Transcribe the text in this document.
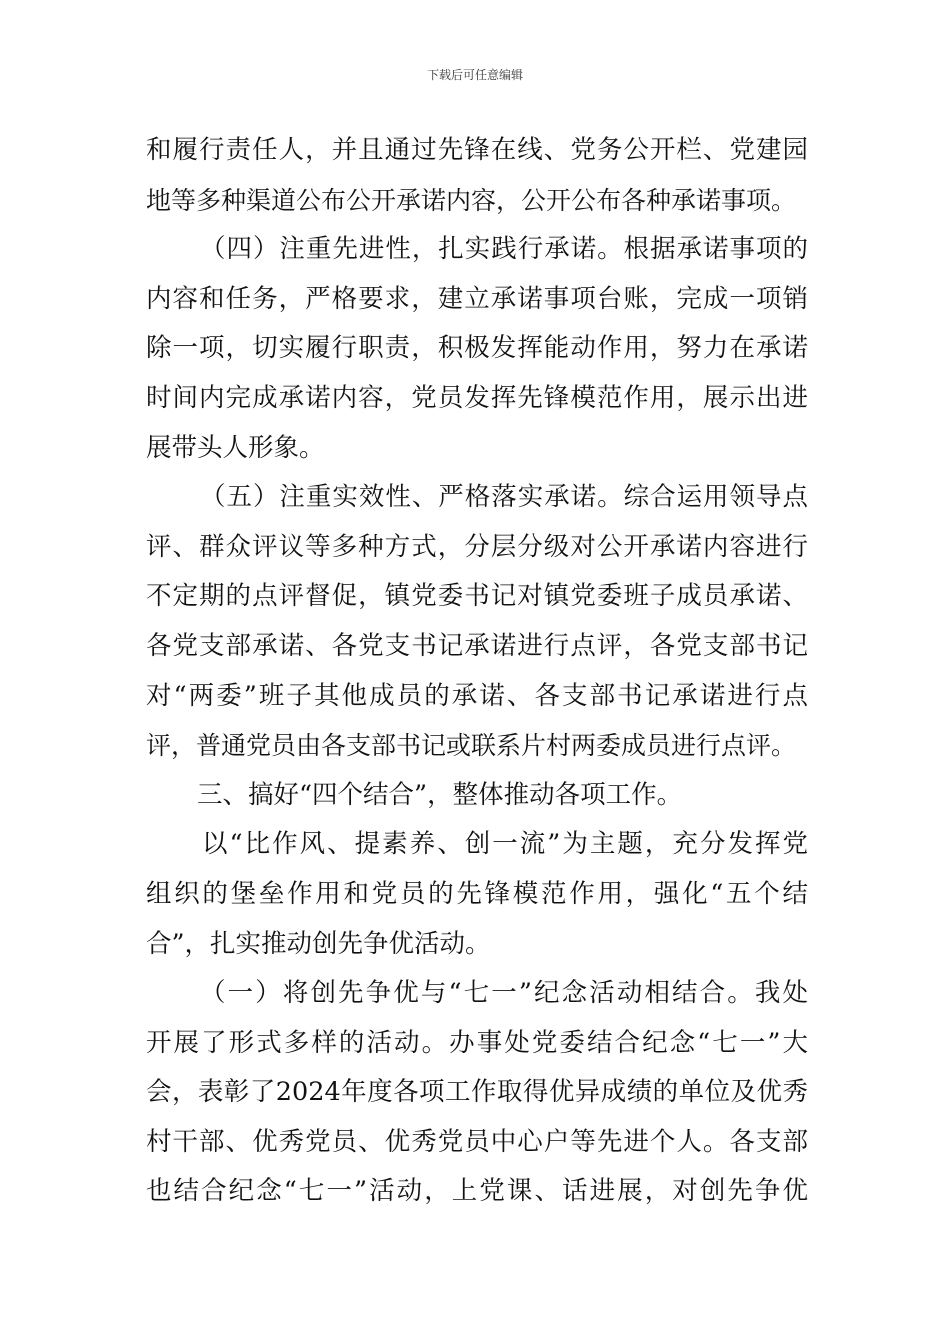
下载后可任意编辑
和履行责任人，并且通过先锋在线、党务公开栏、党建园
地等多种渠道公布公开承诺内容，公开公布各种承诺事项。
（四）注重先进性，扎实践行承诺。根据承诺事项的
内容和任务，严格要求，建立承诺事项台账，完成一项销
除一项，切实履行职责，积极发挥能动作用，努力在承诺
时间内完成承诺内容，党员发挥先锋模范作用，展示出进
展带头人形象。
（五）注重实效性、严格落实承诺。综合运用领导点
评、群众评议等多种方式，分层分级对公开承诺内容进行
不定期的点评督促，镇党委书记对镇党委班子成员承诺、
各党支部承诺、各党支书记承诺进行点评，各党支部书记
对“两委”班子其他成员的承诺、各支部书记承诺进行点
评，普通党员由各支部书记或联系片村两委成员进行点评。
三、搞好“四个结合”，整体推动各项工作。
以“比作风、提素养、创一流”为主题，充分发挥党
组织的堡垒作用和党员的先锋模范作用，强化“五个结
合”，扎实推动创先争优活动。
（一）将创先争优与“七一”纪念活动相结合。我处
开展了形式多样的活动。办事处党委结合纪念“七一”大
会，表彰了2024年度各项工作取得优异成绩的单位及优秀
村干部、优秀党员、优秀党员中心户等先进个人。各支部
也结合纪念“七一”活动，上党课、话进展，对创先争优
